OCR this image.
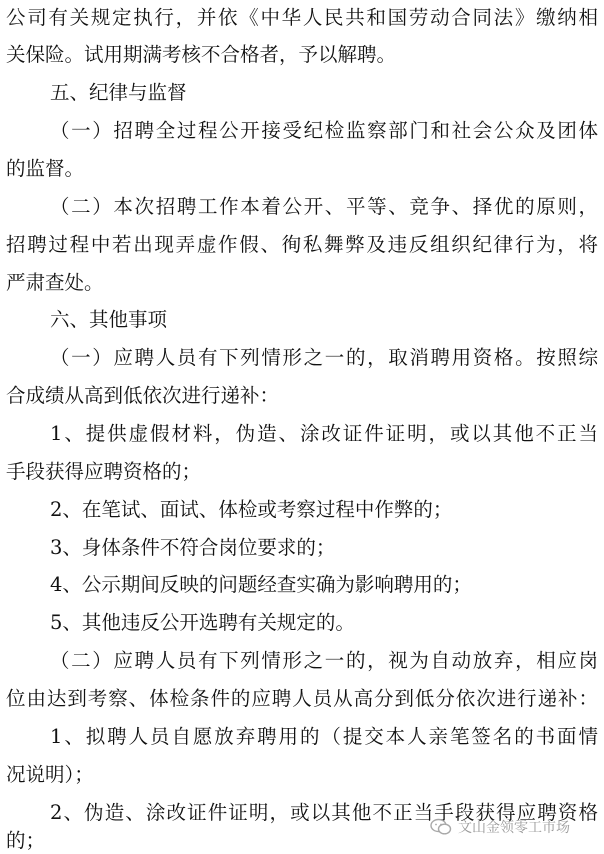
公司有关规定执行，并依《中华人民共和国劳动合同法》缴纳相
关保险。试用期满考核不合格者，予以解聘。
五、纪律与监督
（一）招聘全过程公开接受纪检监察部门和社会公众及团体
的监督。
（二）本次招聘工作本着公开、平等、竞争、择优的原则，
招聘过程中若出现弄虚作假、徇私舞弊及违反组织纪律行为，将
严肃查处。
六、其他事项
（一）应聘人员有下列情形之一的，取消聘用资格。按照综
合成绩从高到低依次进行递补：
1、提供虚假材料，伪造、涂改证件证明，或以其他不正当
手段获得应聘资格的；
2、在笔试、面试、体检或考察过程中作弊的；
3、身体条件不符合岗位要求的；
4、公示期间反映的问题经查实确为影响聘用的；
5、其他违反公开选聘有关规定的。
（二）应聘人员有下列情形之一的，视为自动放弃，相应岗
位由达到考察、体检条件的应聘人员从高分到低分依次进行递补：
1、拟聘人员自愿放弃聘用的（提交本人亲笔签名的书面情
况说明）；
2、伪造、涂改证件证明，或以其他不正当手段获得应聘资格
的；
文山金领零工市场
